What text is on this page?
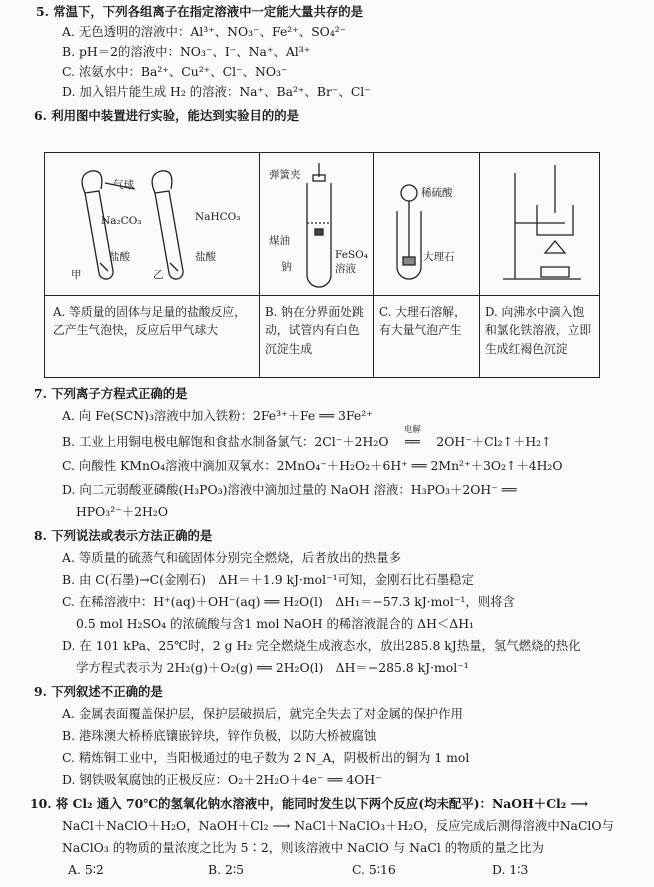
5. 常温下，下列各组离子在指定溶液中一定能大量共存的是
A. 无色透明的溶液中：Al³⁺、NO₃⁻、Fe²⁺、SO₄²⁻
B. pH＝2的溶液中：NO₃⁻、I⁻、Na⁺、Al³⁺
C. 浓氨水中：Ba²⁺、Cu²⁺、Cl⁻、NO₃⁻
D. 加入铝片能生成 H₂ 的溶液：Na⁺、Ba²⁺、Br⁻、Cl⁻
6. 利用图中装置进行实验，能达到实验目的的是
气球
Na₂CO₃	NaHCO₃
盐酸	盐酸
甲	乙
弹簧夹
煤油
钠
FeSO₄
溶液
稀硫酸
大理石
A. 等质量的固体与足量的盐酸反应，乙产生气泡快，反应后甲气球大
B. 钠在分界面处跳动，试管内有白色沉淀生成
C. 大理石溶解，有大量气泡产生
D. 向沸水中滴入饱和氯化铁溶液，立即生成红褐色沉淀
7. 下列离子方程式正确的是
A. 向 Fe(SCN)₃溶液中加入铁粉：2Fe³⁺＋Fe ══ 3Fe²⁺
B. 工业上用铜电极电解饱和食盐水制备氯气：2Cl⁻＋2H₂O
电解
══ 2OH⁻＋Cl₂↑＋H₂↑
C. 向酸性 KMnO₄溶液中滴加双氧水：2MnO₄⁻＋H₂O₂＋6H⁺ ══ 2Mn²⁺＋3O₂↑＋4H₂O
D. 向二元弱酸亚磷酸(H₃PO₃)溶液中滴加过量的 NaOH 溶液：H₃PO₃＋2OH⁻ ══
HPO₃²⁻＋2H₂O
8. 下列说法或表示方法正确的是
A. 等质量的硫蒸气和硫固体分别完全燃烧，后者放出的热量多
B. 由 C(石墨)→C(金刚石)　ΔH＝＋1.9 kJ·mol⁻¹可知，金刚石比石墨稳定
C. 在稀溶液中：H⁺(aq)＋OH⁻(aq) ══ H₂O(l)　ΔH₁＝−57.3 kJ·mol⁻¹，则将含
0.5 mol H₂SO₄ 的浓硫酸与含1 mol NaOH 的稀溶液混合的 ΔH＜ΔH₁
D. 在 101 kPa、25℃时，2 g H₂ 完全燃烧生成液态水，放出285.8 kJ热量，氢气燃烧的热化
学方程式表示为 2H₂(g)＋O₂(g) ══ 2H₂O(l)　ΔH＝−285.8 kJ·mol⁻¹
9. 下列叙述不正确的是
A. 金属表面覆盖保护层，保护层破损后，就完全失去了对金属的保护作用
B. 港珠澳大桥桥底镶嵌锌块，锌作负极，以防大桥被腐蚀
C. 精炼铜工业中，当阳极通过的电子数为 2 N_A，阴极析出的铜为 1 mol
D. 钢铁吸氧腐蚀的正极反应：O₂＋2H₂O＋4e⁻ ══ 4OH⁻
10. 将 Cl₂ 通入 70℃的氢氧化钠水溶液中，能同时发生以下两个反应(均未配平)：NaOH＋Cl₂ ⟶
NaCl＋NaClO＋H₂O，NaOH＋Cl₂ ⟶ NaCl＋NaClO₃＋H₂O，反应完成后测得溶液中NaClO与
NaClO₃ 的物质的量浓度之比为 5∶2，则该溶液中 NaClO 与 NaCl 的物质的量之比为
A. 5∶2	B. 2∶5	C. 5∶16	D. 1∶3
